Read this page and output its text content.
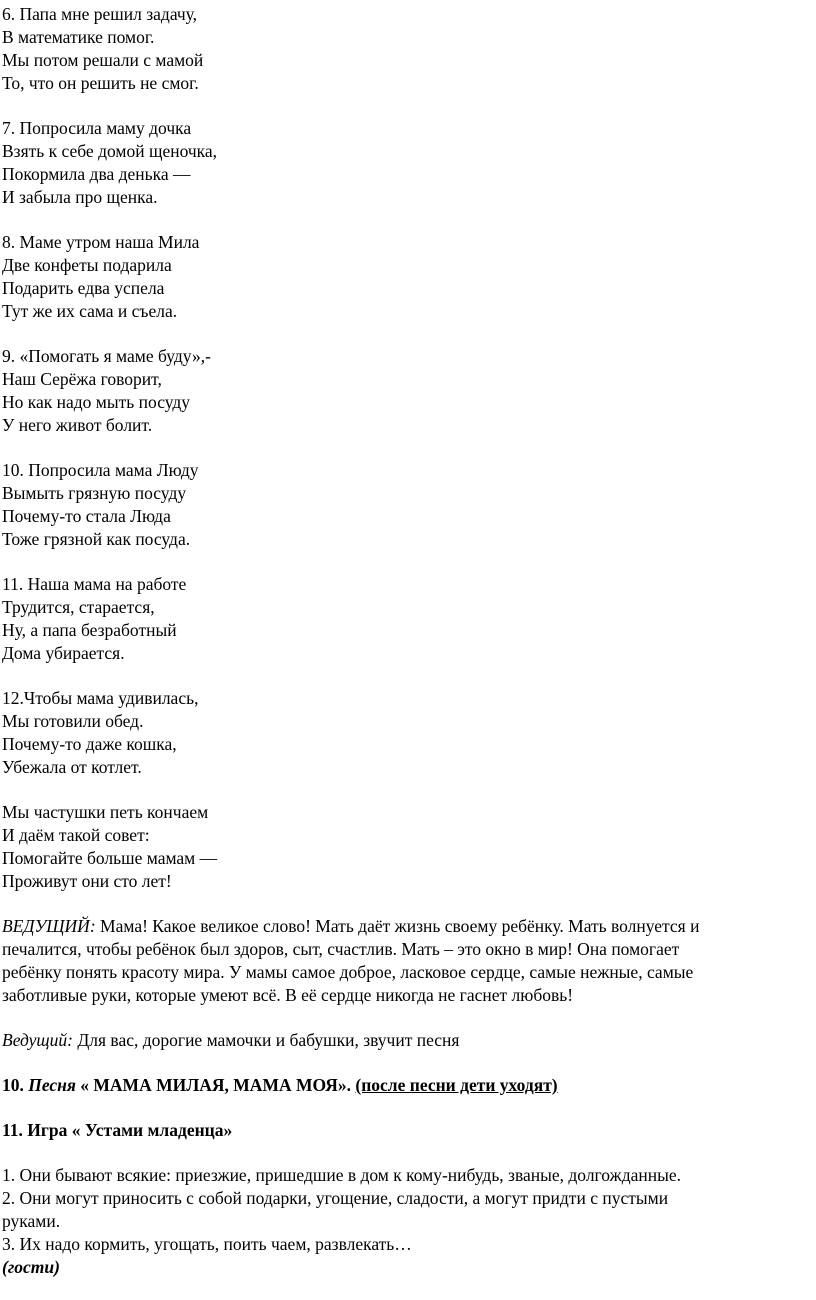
6. Папа мне решил задачу,
В математике помог.
Мы потом решали с мамой
То, что он решить не смог.
7. Попросила маму дочка
Взять к себе домой щеночка,
Покормила два денька —
И забыла про щенка.
8. Маме утром наша Мила
Две конфеты подарила
Подарить едва успела
Тут же их сама и съела.
9. «Помогать я маме буду»,-
Наш Серёжа говорит,
Но как надо мыть посуду
У него живот болит.
10. Попросила мама Люду
Вымыть грязную посуду
Почему-то стала Люда
Тоже грязной как посуда.
11. Наша мама на работе
Трудится, старается,
Ну, а папа безработный
Дома убирается.
12.Чтобы мама удивилась,
Мы готовили обед.
Почему-то даже кошка,
Убежала от котлет.
Мы частушки петь кончаем
И даём такой совет:
Помогайте больше мамам —
Проживут они сто лет!
ВЕДУЩИЙ: Мама! Какое великое слово! Мать даёт жизнь своему ребёнку. Мать волнуется и
печалится, чтобы ребёнок был здоров, сыт, счастлив. Мать – это окно в мир! Она помогает
ребёнку понять красоту мира. У мамы самое доброе, ласковое сердце, самые нежные, самые
заботливые руки, которые умеют всё. В её сердце никогда не гаснет любовь!
Ведущий: Для вас, дорогие мамочки и бабушки, звучит песня
10. Песня « МАМА МИЛАЯ, МАМА МОЯ». (после песни дети уходят)
11. Игра « Устами младенца»
1. Они бывают всякие: приезжие, пришедшие в дом к кому-нибудь, званые, долгожданные.
2. Они могут приносить с собой подарки, угощение, сладости, а могут придти с пустыми
руками.
3. Их надо кормить, угощать, поить чаем, развлекать…
(гости)
